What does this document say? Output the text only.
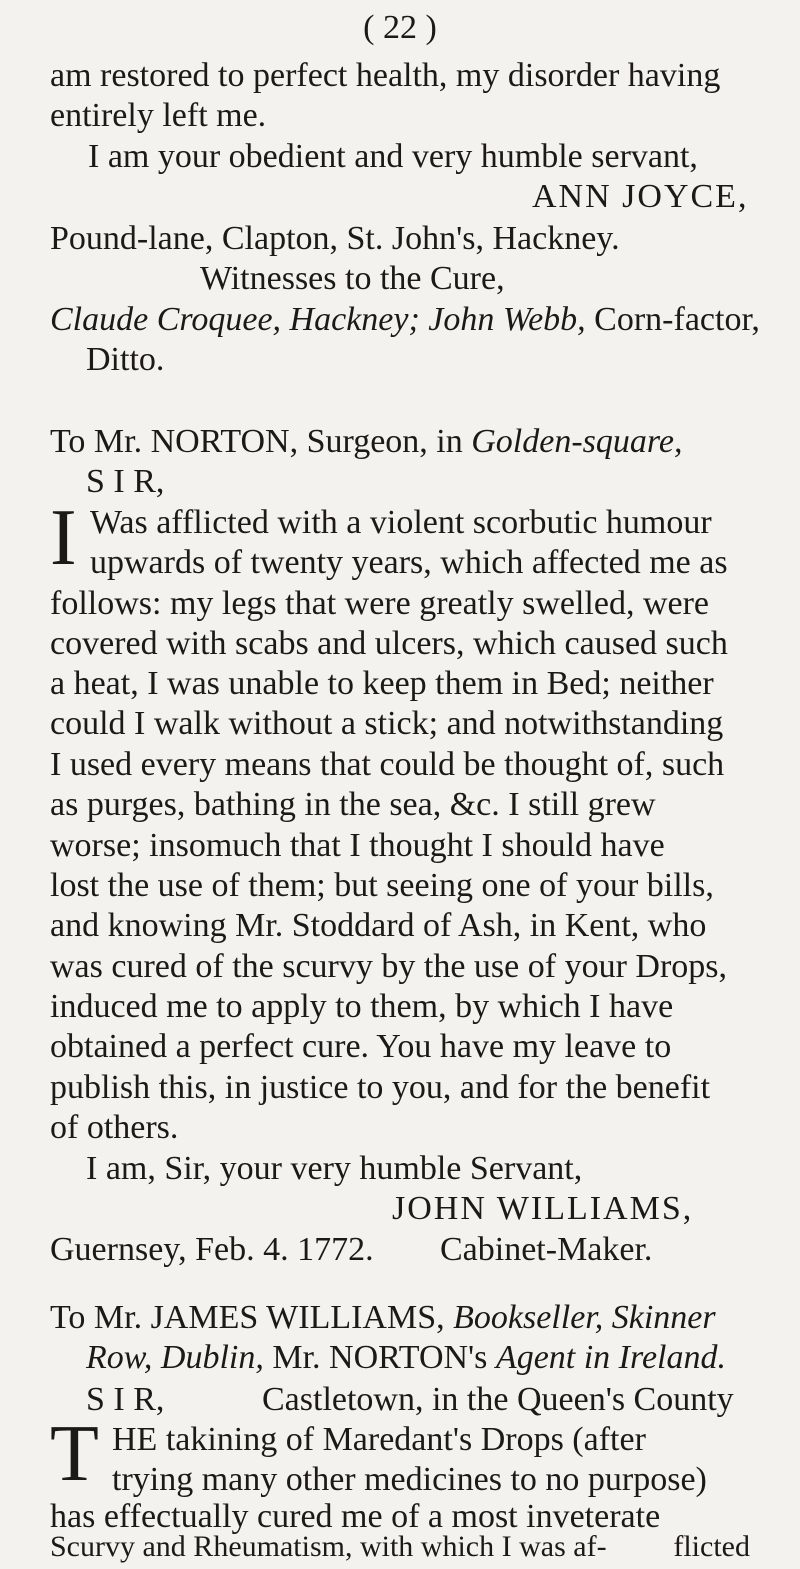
( 22 )
am restored to perfect health, my disorder having
entirely left me.
I am your obedient and very humble servant,
ANN JOYCE,
Pound-lane, Clapton, St. John's, Hackney.
Witnesses to the Cure,
Claude Croquee, Hackney; John Webb, Corn-factor,
Ditto.
To Mr. NORTON, Surgeon, in Golden-square,
S I R,
I Was afflicted with a violent scorbutic humour
upwards of twenty years, which affected me as
follows: my legs that were greatly swelled, were
covered with scabs and ulcers, which caused such
a heat, I was unable to keep them in Bed; neither
could I walk without a stick; and notwithstanding
I used every means that could be thought of, such
as purges, bathing in the sea, &c. I still grew
worse; insomuch that I thought I should have
lost the use of them; but seeing one of your bills,
and knowing Mr. Stoddard of Ash, in Kent, who
was cured of the scurvy by the use of your Drops,
induced me to apply to them, by which I have
obtained a perfect cure. You have my leave to
publish this, in justice to you, and for the benefit
of others.
I am, Sir, your very humble Servant,
JOHN WILLIAMS,
Guernsey, Feb. 4. 1772. Cabinet-Maker.
To Mr. JAMES WILLIAMS, Bookseller, Skinner
Row, Dublin, Mr. NORTON's Agent in Ireland.
S I R,	Castletown, in the Queen's County
T HE takining of Maredant's Drops (after
trying many other medicines to no purpose)
has effectually cured me of a most inveterate
Scurvy and Rheumatism, with which I was af-	flicted
